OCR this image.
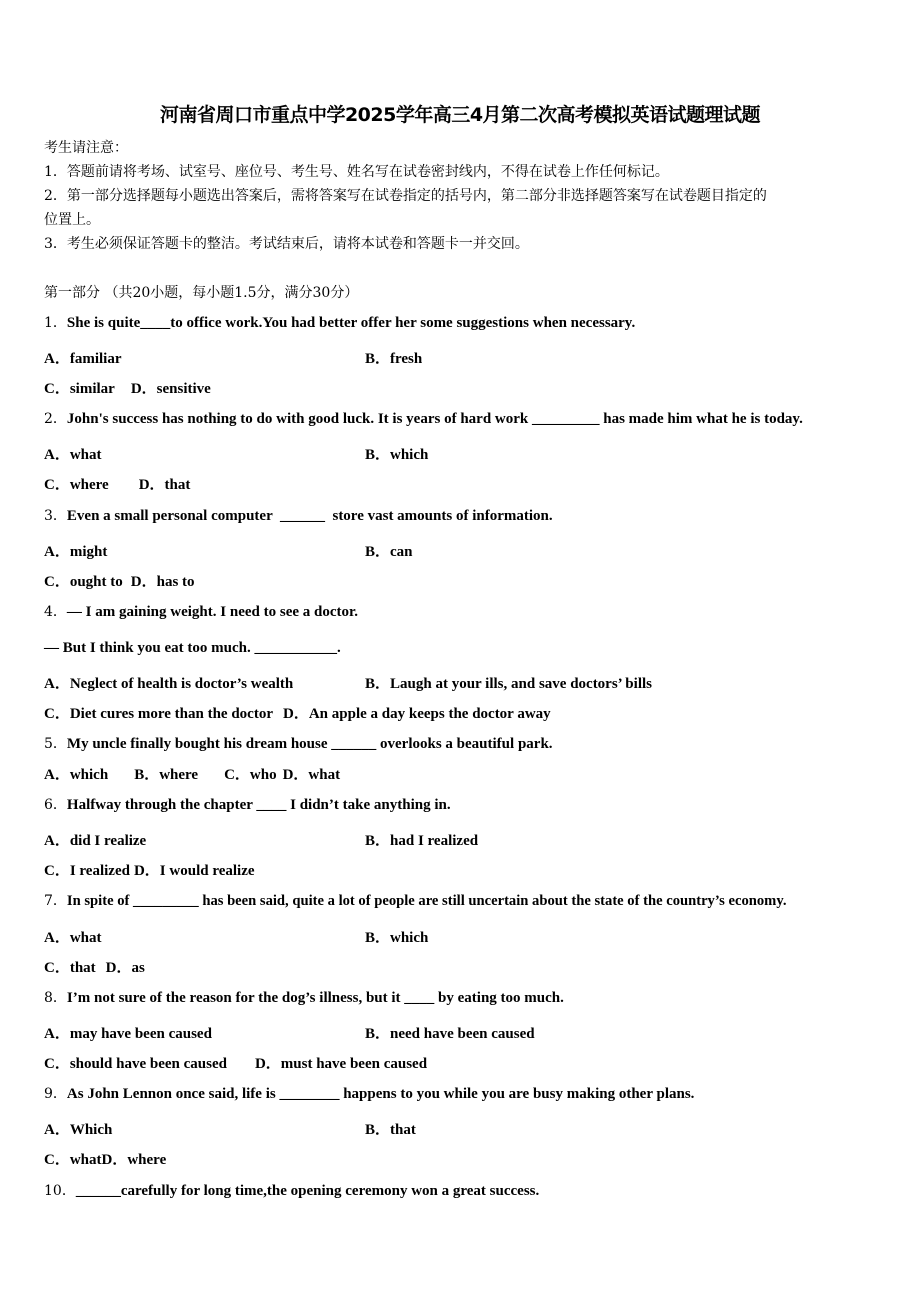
河南省周口市重点中学2025学年高三4月第二次高考模拟英语试题理试题
考生请注意：
1．答题前请将考场、试室号、座位号、考生号、姓名写在试卷密封线内，不得在试卷上作任何标记。
2．第一部分选择题每小题选出答案后，需将答案写在试卷指定的括号内，第二部分非选择题答案写在试卷题目指定的
位置上。
3．考生必须保证答题卡的整洁。考试结束后，请将本试卷和答题卡一并交回。
第一部分 （共20小题，每小题1.5分，满分30分）
1．She is quite____to office work.You had better offer her some suggestions when necessary.
A．familiar	B．fresh
C．similar D．sensitive
2．John's success has nothing to do with good luck. It is years of hard work _________ has made him what he is today.
A．what	B．which
C．where D．that
3．Even a small personal computer  ______  store vast amounts of information.
A．might	B．can
C．ought to D．has to
4．— I am gaining weight. I need to see a doctor.
— But I think you eat too much. ___________.
A．Neglect of health is doctor’s wealth	B．Laugh at your ills, and save doctors’ bills
C．Diet cures more than the doctor D．An apple a day keeps the doctor away
5．My uncle finally bought his dream house ______ overlooks a beautiful park.
A．which B．where C．who D．what
6．Halfway through the chapter ____ I didn’t take anything in.
A．did I realize	B．had I realized
C．I realized D．I would realize
7．In spite of _________ has been said, quite a lot of people are still uncertain about the state of the country’s economy.
A．what	B．which
C．that D．as
8．I’m not sure of the reason for the dog’s illness, but it ____ by eating too much.
A．may have been caused	B．need have been caused
C．should have been caused D．must have been caused
9．As John Lennon once said, life is ________ happens to you while you are busy making other plans.
A．Which	B．that
C．whatD．where
10．______carefully for long time,the opening ceremony won a great success.
